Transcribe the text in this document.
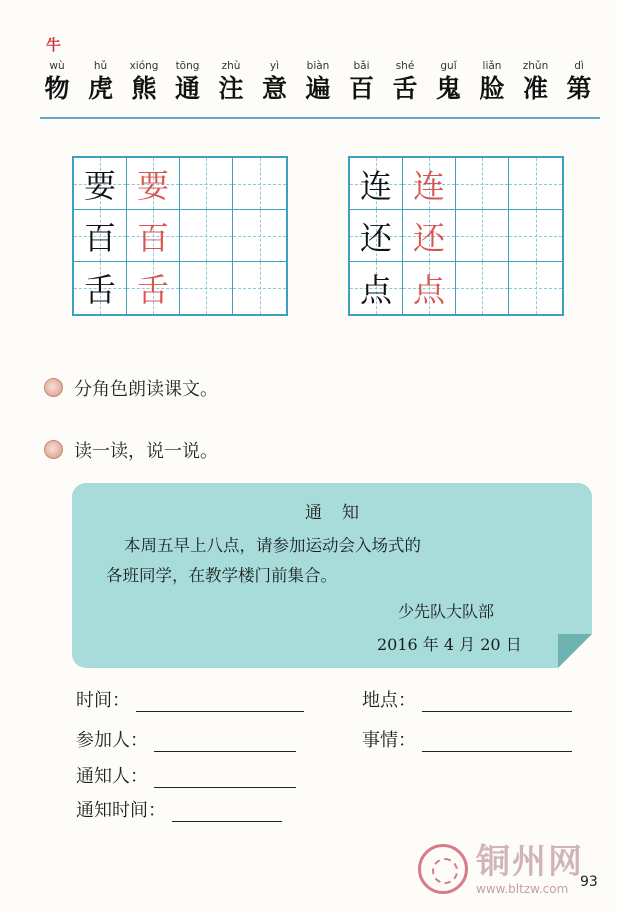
牛
wù
物
hǔ
虎
xióng
熊
tōng
通
zhù
注
yì
意
biàn
遍
bǎi
百
shé
舌
guǐ
鬼
liǎn
脸
zhǔn
准
dì
第
要 要
百 百
舌 舌
连 连
还 还
点 点
分角色朗读课文。
读一读，说一说。
通知

本周五早上八点，请参加运动会入场式的

各班同学，在教学楼门前集合。

少先队大队部
2016 年 4 月 20 日
时间：	地点：
参加人：	事情：
通知人：
通知时间：
铜州网
www.bltzw.com 93
